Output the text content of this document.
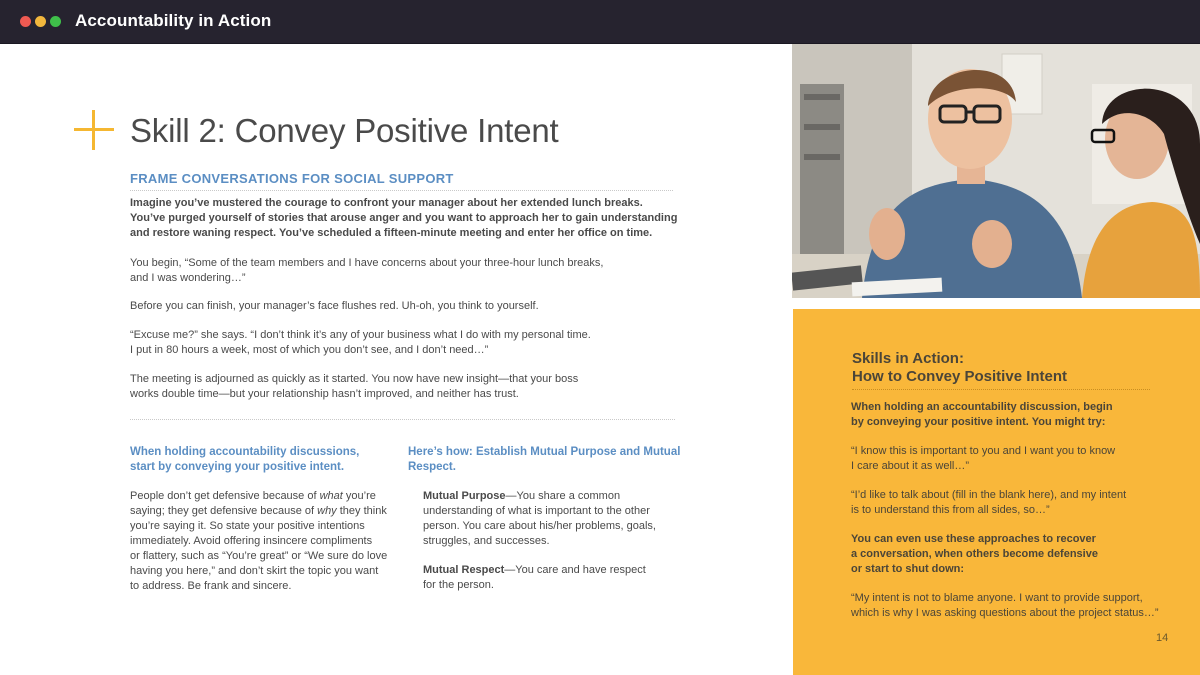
Accountability in Action
Skill 2: Convey Positive Intent
FRAME CONVERSATIONS FOR SOCIAL SUPPORT
Imagine you’ve mustered the courage to confront your manager about her extended lunch breaks.
You’ve purged yourself of stories that arouse anger and you want to approach her to gain understanding
and restore waning respect. You’ve scheduled a fifteen-minute meeting and enter her office on time.
You begin, “Some of the team members and I have concerns about your three-hour lunch breaks,
and I was wondering…”
Before you can finish, your manager’s face flushes red. Uh-oh, you think to yourself.
“Excuse me?” she says. “I don’t think it’s any of your business what I do with my personal time.
I put in 80 hours a week, most of which you don’t see, and I don’t need…”
The meeting is adjourned as quickly as it started. You now have new insight—that your boss
works double time—but your relationship hasn’t improved, and neither has trust.
When holding accountability discussions,
start by conveying your positive intent.
People don’t get defensive because of what you’re
saying; they get defensive because of why they think
you’re saying it. So state your positive intentions
immediately. Avoid offering insincere compliments
or flattery, such as “You’re great” or “We sure do love
having you here,” and don’t skirt the topic you want
to address. Be frank and sincere.
Here’s how: Establish Mutual Purpose and Mutual
Respect.
Mutual Purpose—You share a common
understanding of what is important to the other
person. You care about his/her problems, goals,
struggles, and successes.
Mutual Respect—You care and have respect
for the person.
Skills in Action:
How to Convey Positive Intent
When holding an accountability discussion, begin
by conveying your positive intent. You might try:
“I know this is important to you and I want you to know
I care about it as well…”
“I’d like to talk about (fill in the blank here), and my intent
is to understand this from all sides, so…”
You can even use these approaches to recover
a conversation, when others become defensive
or start to shut down:
“My intent is not to blame anyone. I want to provide support,
which is why I was asking questions about the project status…”
14
